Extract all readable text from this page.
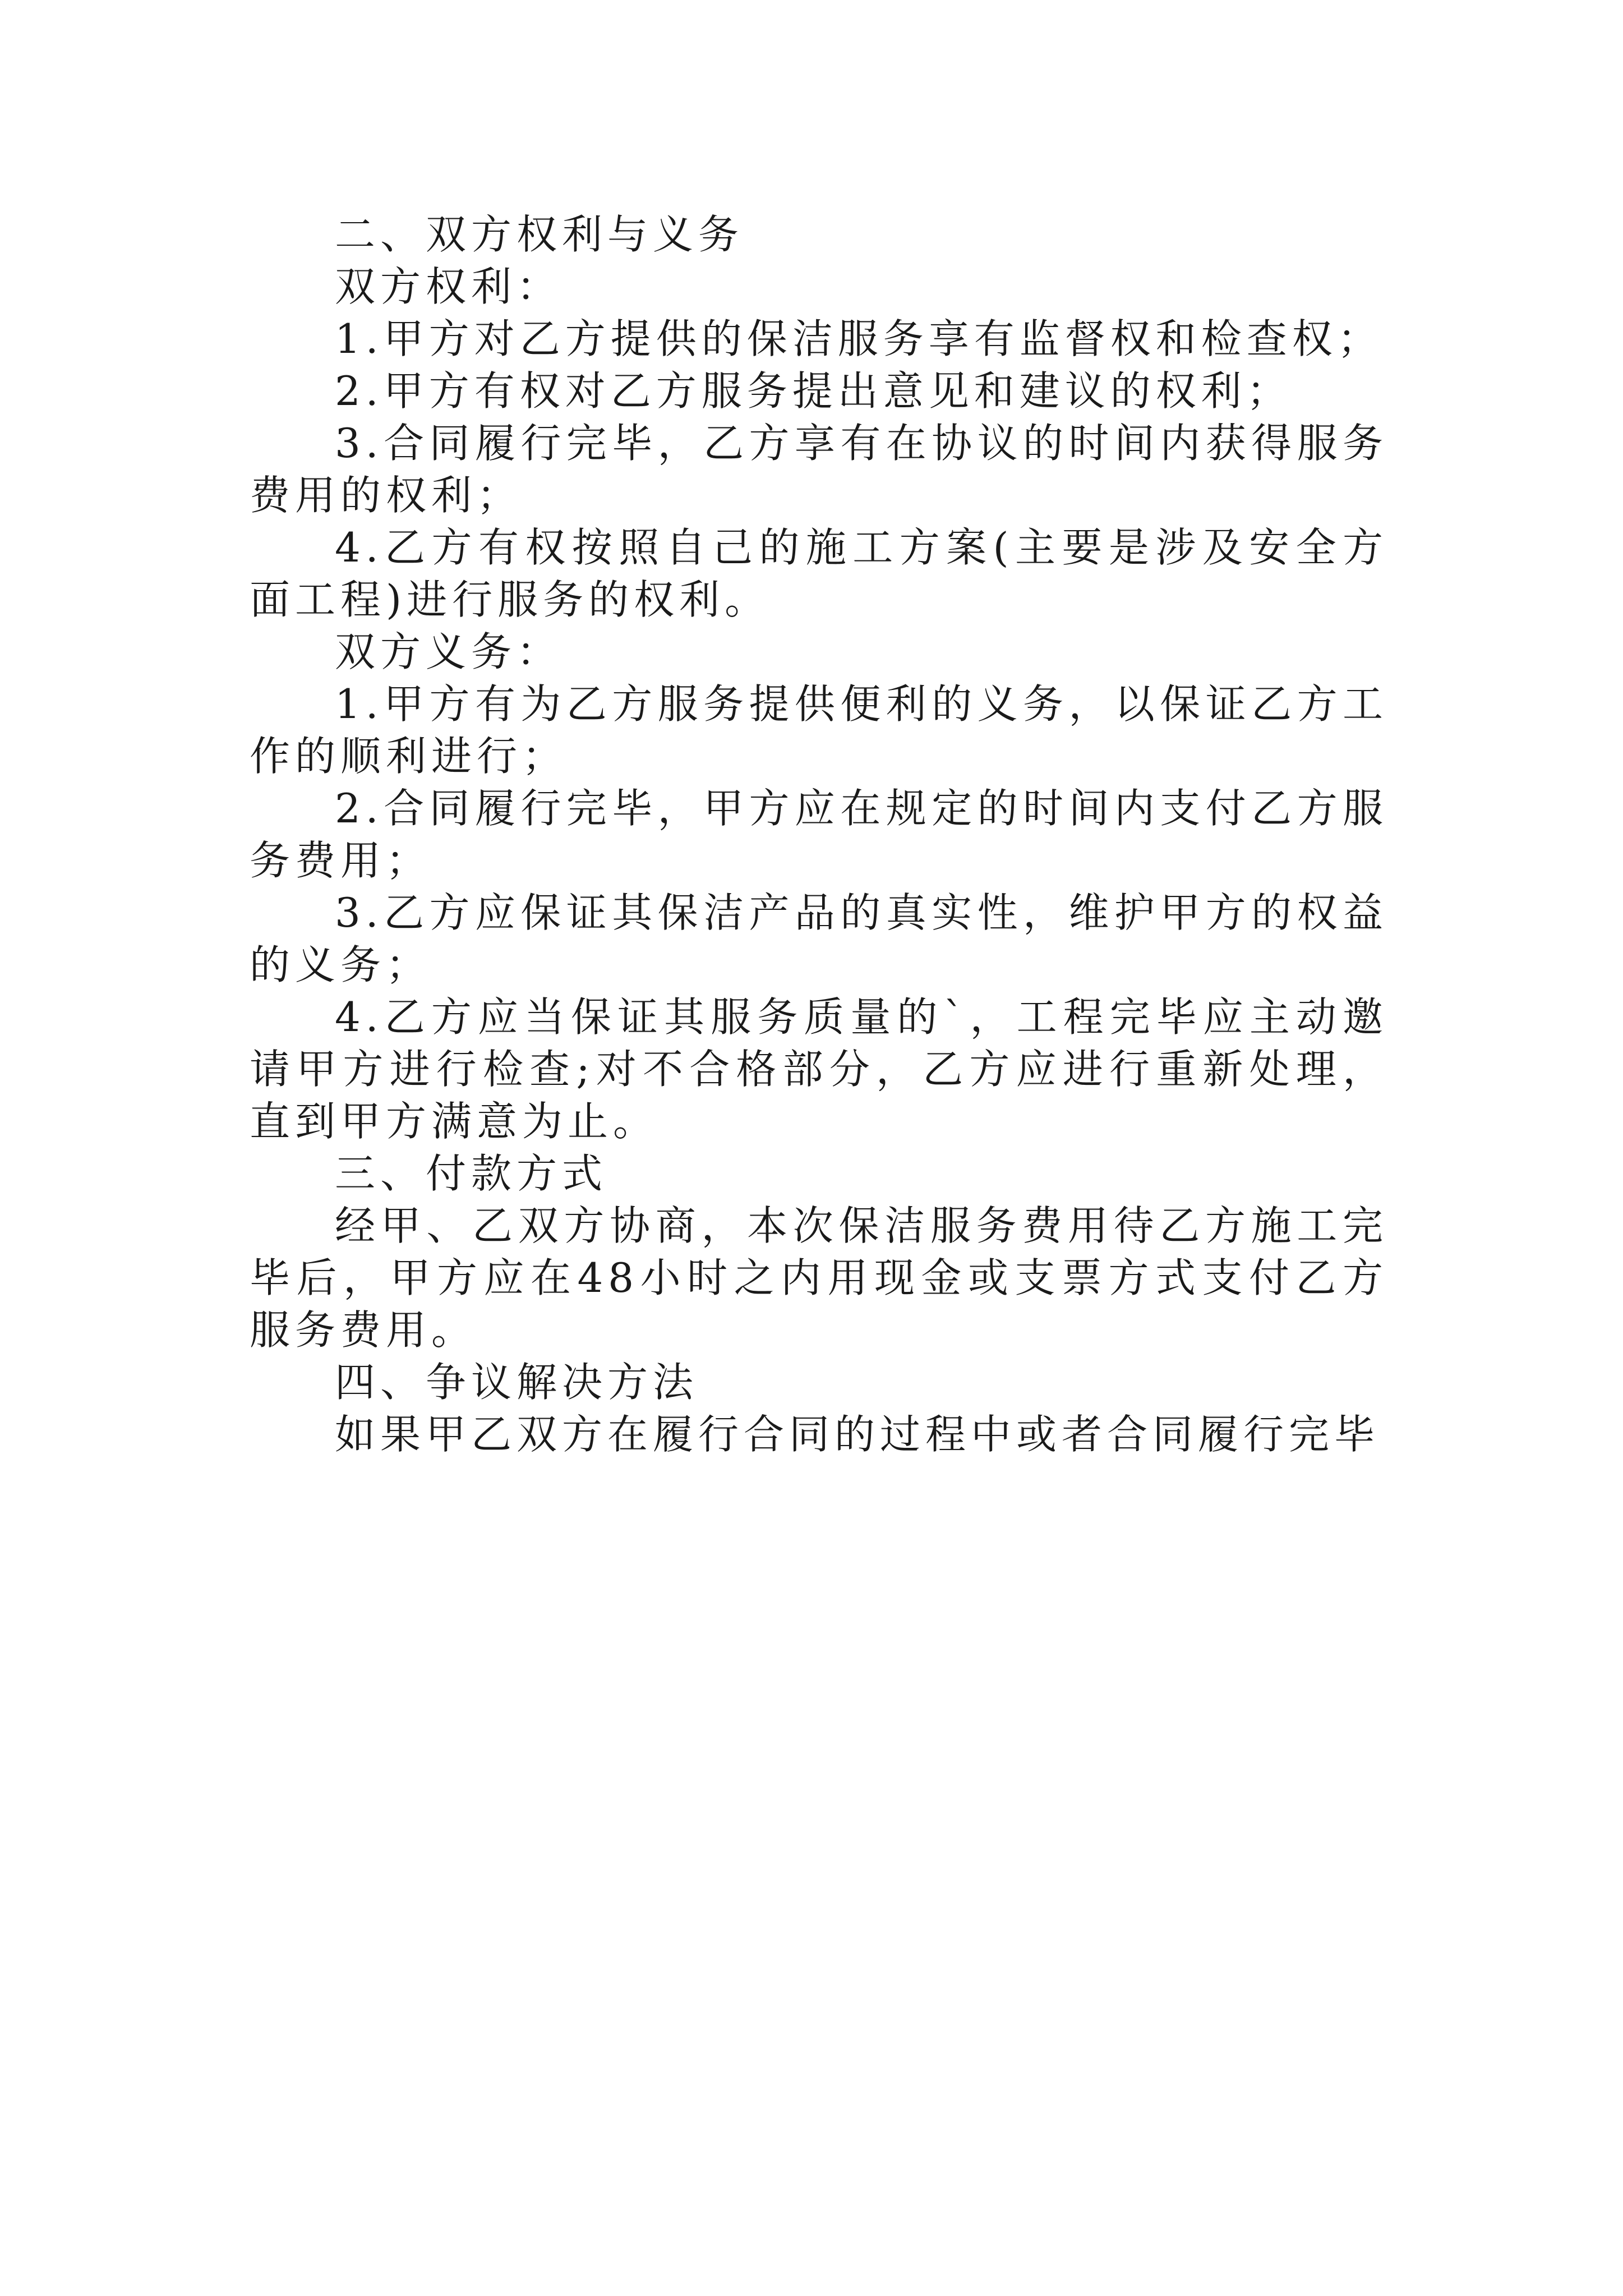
二、双方权利与义务

双方权利：

1.甲方对乙方提供的保洁服务享有监督权和检查权；

2.甲方有权对乙方服务提出意见和建议的权利；

3.合同履行完毕，乙方享有在协议的时间内获得服务费用的权利；

4.乙方有权按照自己的施工方案(主要是涉及安全方面工程)进行服务的权利。

双方义务：

1.甲方有为乙方服务提供便利的义务，以保证乙方工作的顺利进行；

2.合同履行完毕，甲方应在规定的时间内支付乙方服务费用；

3.乙方应保证其保洁产品的真实性，维护甲方的权益的义务；

4.乙方应当保证其服务质量的`，工程完毕应主动邀请甲方进行检查;对不合格部分，乙方应进行重新处理，直到甲方满意为止。

三、付款方式

经甲、乙双方协商，本次保洁服务费用待乙方施工完毕后，甲方应在48小时之内用现金或支票方式支付乙方服务费用。

四、争议解决方法

如果甲乙双方在履行合同的过程中或者合同履行完毕
